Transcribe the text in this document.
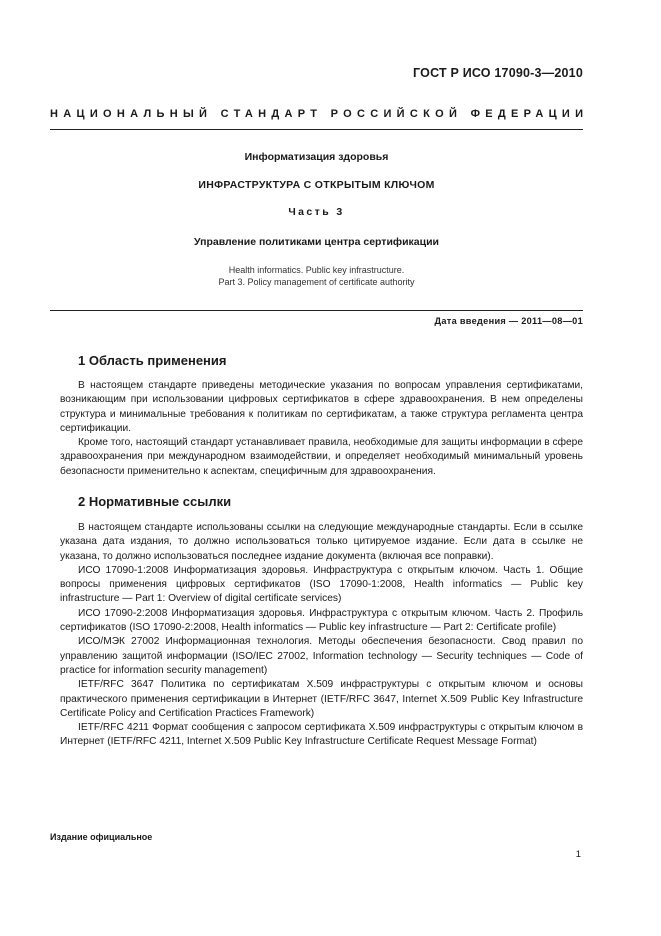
ГОСТ Р ИСО 17090-3—2010
НАЦИОНАЛЬНЫЙ СТАНДАРТ РОССИЙСКОЙ ФЕДЕРАЦИИ
Информатизация здоровья
ИНФРАСТРУКТУРА С ОТКРЫТЫМ КЛЮЧОМ
Часть 3
Управление политиками центра сертификации
Health informatics. Public key infrastructure.
Part 3. Policy management of certificate authority
Дата введения — 2011—08—01
1 Область применения

В настоящем стандарте приведены методические указания по вопросам управления сертификатами, возникающим при использовании цифровых сертификатов в сфере здравоохранения. В нем определены структура и минимальные требования к политикам по сертификатам, а также структура регламента центра сертификации.

Кроме того, настоящий стандарт устанавливает правила, необходимые для защиты информации в сфере здравоохранения при международном взаимодействии, и определяет необходимый минимальный уровень безопасности применительно к аспектам, специфичным для здравоохранения.

2 Нормативные ссылки

В настоящем стандарте использованы ссылки на следующие международные стандарты. Если в ссылке указана дата издания, то должно использоваться только цитируемое издание. Если дата в ссылке не указана, то должно использоваться последнее издание документа (включая все поправки).

ИСО 17090-1:2008 Информатизация здоровья. Инфраструктура с открытым ключом. Часть 1. Общие вопросы применения цифровых сертификатов (ISO 17090-1:2008, Health informatics — Public key infrastructure — Part 1: Overview of digital certificate services)

ИСО 17090-2:2008 Информатизация здоровья. Инфраструктура с открытым ключом. Часть 2. Профиль сертификатов (ISO 17090-2:2008, Health informatics — Public key infrastructure — Part 2: Certificate profile)

ИСО/МЭК 27002 Информационная технология. Методы обеспечения безопасности. Свод правил по управлению защитой информации (ISO/IEC 27002, Information technology — Security techniques — Code of practice for information security management)

IETF/RFC 3647 Политика по сертификатам X.509 инфраструктуры с открытым ключом и основы практического применения сертификации в Интернет (IETF/RFC 3647, Internet X.509 Public Key Infrastructure Certificate Policy and Certification Practices Framework)

IETF/RFC 4211 Формат сообщения с запросом сертификата X.509 инфраструктуры с открытым ключом в Интернет (IETF/RFC 4211, Internet X.509 Public Key Infrastructure Certificate Request Message Format)

Издание официальное
1
